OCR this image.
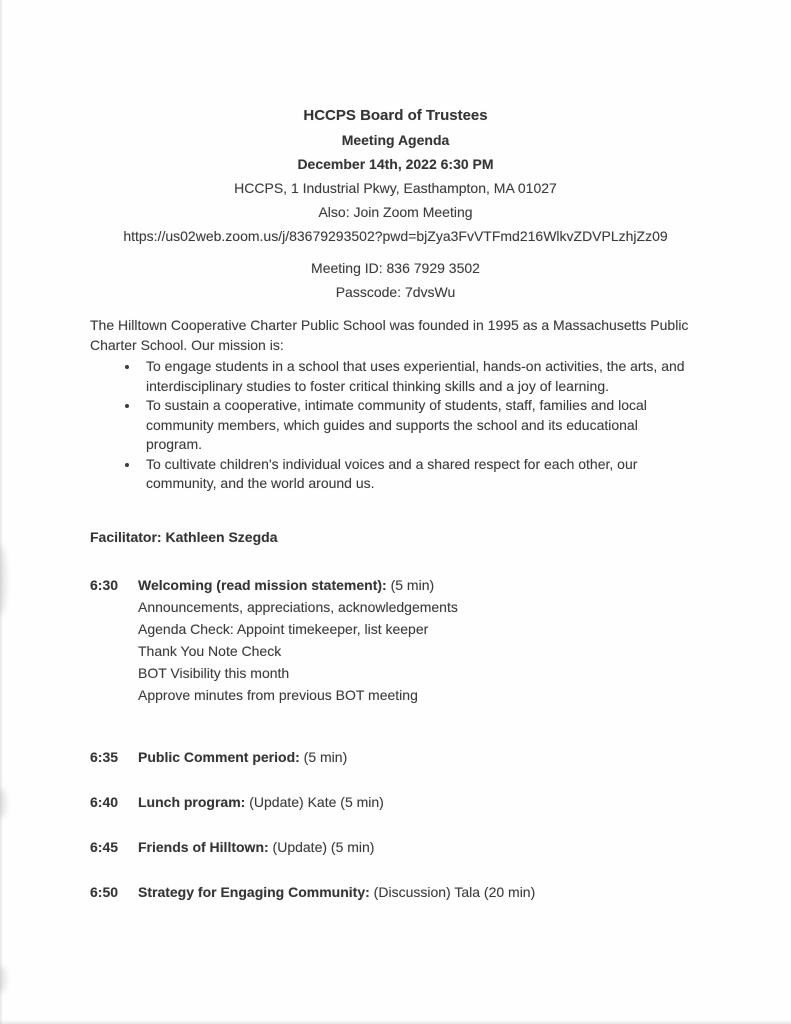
HCCPS Board of Trustees
Meeting Agenda
December 14th, 2022 6:30 PM
HCCPS, 1 Industrial Pkwy, Easthampton, MA 01027
Also: Join Zoom Meeting
https://us02web.zoom.us/j/83679293502?pwd=bjZya3FvVTFmd216WlkvZDVPLzhjZz09
Meeting ID: 836 7929 3502
Passcode: 7dvsWu

The Hilltown Cooperative Charter Public School was founded in 1995 as a Massachusetts Public Charter School. Our mission is:

• To engage students in a school that uses experiential, hands-on activities, the arts, and interdisciplinary studies to foster critical thinking skills and a joy of learning.
• To sustain a cooperative, intimate community of students, staff, families and local community members, which guides and supports the school and its educational program.
• To cultivate children's individual voices and a shared respect for each other, our community, and the world around us.
Facilitator: Kathleen Szegda
6:30	Welcoming (read mission statement): (5 min)
Announcements, appreciations, acknowledgements
Agenda Check: Appoint timekeeper, list keeper
Thank You Note Check
BOT Visibility this month
Approve minutes from previous BOT meeting
6:35	Public Comment period: (5 min)
6:40	Lunch program: (Update) Kate (5 min)
6:45	Friends of Hilltown: (Update) (5 min)
6:50	Strategy for Engaging Community: (Discussion) Tala (20 min)
